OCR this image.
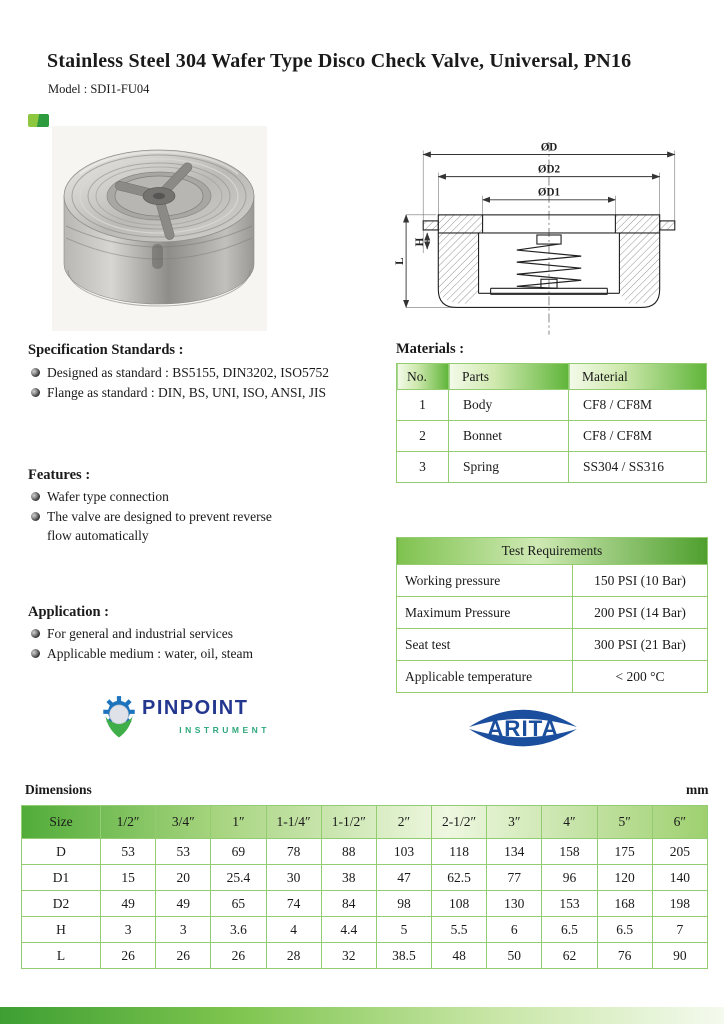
Stainless Steel 304 Wafer Type Disco Check Valve, Universal, PN16
Model : SDI1-FU04
ØD
ØD2
ØD1
H
L
Specification Standards :
Designed as standard : BS5155, DIN3202, ISO5752
Flange as standard : DIN, BS, UNI, ISO, ANSI, JIS
Materials :
No.	Parts	Material
1	Body	CF8 / CF8M
2	Bonnet	CF8 / CF8M
3	Spring	SS304 / SS316
Features :
Wafer type connection
The valve are designed to prevent reverse flow automatically
Test Requirements	
Working pressure	150 PSI (10 Bar)
Maximum Pressure	200 PSI (14 Bar)
Seat test	300 PSI (21 Bar)
Applicable temperature	< 200 °C
Application :
For general and industrial services
Applicable medium : water, oil, steam
PINPOINT
INSTRUMENT	ARITA
Dimensions	mm
Size	1/2″	3/4″	1″	1-1/4″	1-1/2″	2″	2-1/2″	3″	4″	5″	6″
D	53	53	69	78	88	103	118	134	158	175	205
D1	15	20	25.4	30	38	47	62.5	77	96	120	140
D2	49	49	65	74	84	98	108	130	153	168	198
H	3	3	3.6	4	4.4	5	5.5	6	6.5	6.5	7
L	26	26	26	28	32	38.5	48	50	62	76	90
